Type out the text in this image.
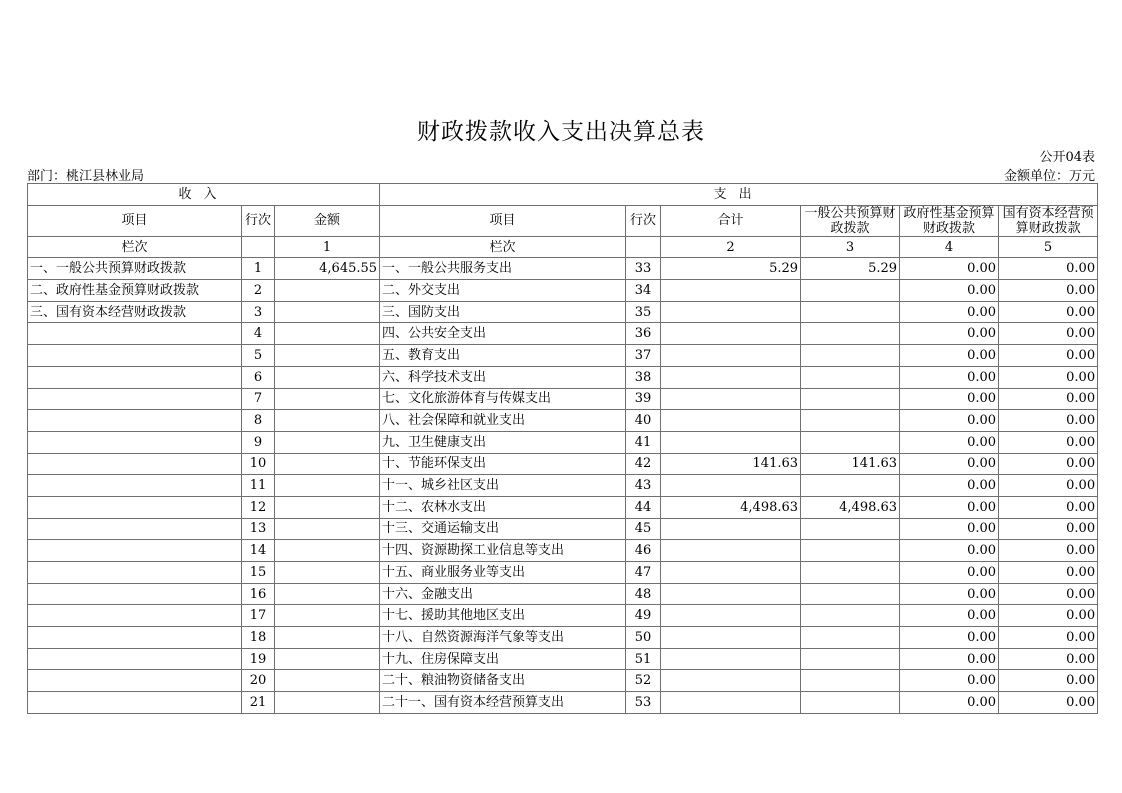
财政拨款收入支出决算总表
公开04表
部门：桃江县林业局	金额单位：万元
收入			支出					
项目	行次	金额	项目	行次	合计	一般公共预算财政拨款	政府性基金预算财政拨款	国有资本经营预算财政拨款
栏次		1	栏次		2	3	4	5
一、一般公共预算财政拨款	1	4,645.55	一、一般公共服务支出	33	5.29	5.29	0.00	0.00
二、政府性基金预算财政拨款	2		二、外交支出	34			0.00	0.00
三、国有资本经营财政拨款	3		三、国防支出	35			0.00	0.00
	4		四、公共安全支出	36			0.00	0.00
	5		五、教育支出	37			0.00	0.00
	6		六、科学技术支出	38			0.00	0.00
	7		七、文化旅游体育与传媒支出	39			0.00	0.00
	8		八、社会保障和就业支出	40			0.00	0.00
	9		九、卫生健康支出	41			0.00	0.00
	10		十、节能环保支出	42	141.63	141.63	0.00	0.00
	11		十一、城乡社区支出	43			0.00	0.00
	12		十二、农林水支出	44	4,498.63	4,498.63	0.00	0.00
	13		十三、交通运输支出	45			0.00	0.00
	14		十四、资源勘探工业信息等支出	46			0.00	0.00
	15		十五、商业服务业等支出	47			0.00	0.00
	16		十六、金融支出	48			0.00	0.00
	17		十七、援助其他地区支出	49			0.00	0.00
	18		十八、自然资源海洋气象等支出	50			0.00	0.00
	19		十九、住房保障支出	51			0.00	0.00
	20		二十、粮油物资储备支出	52			0.00	0.00
	21		二十一、国有资本经营预算支出	53			0.00	0.00
